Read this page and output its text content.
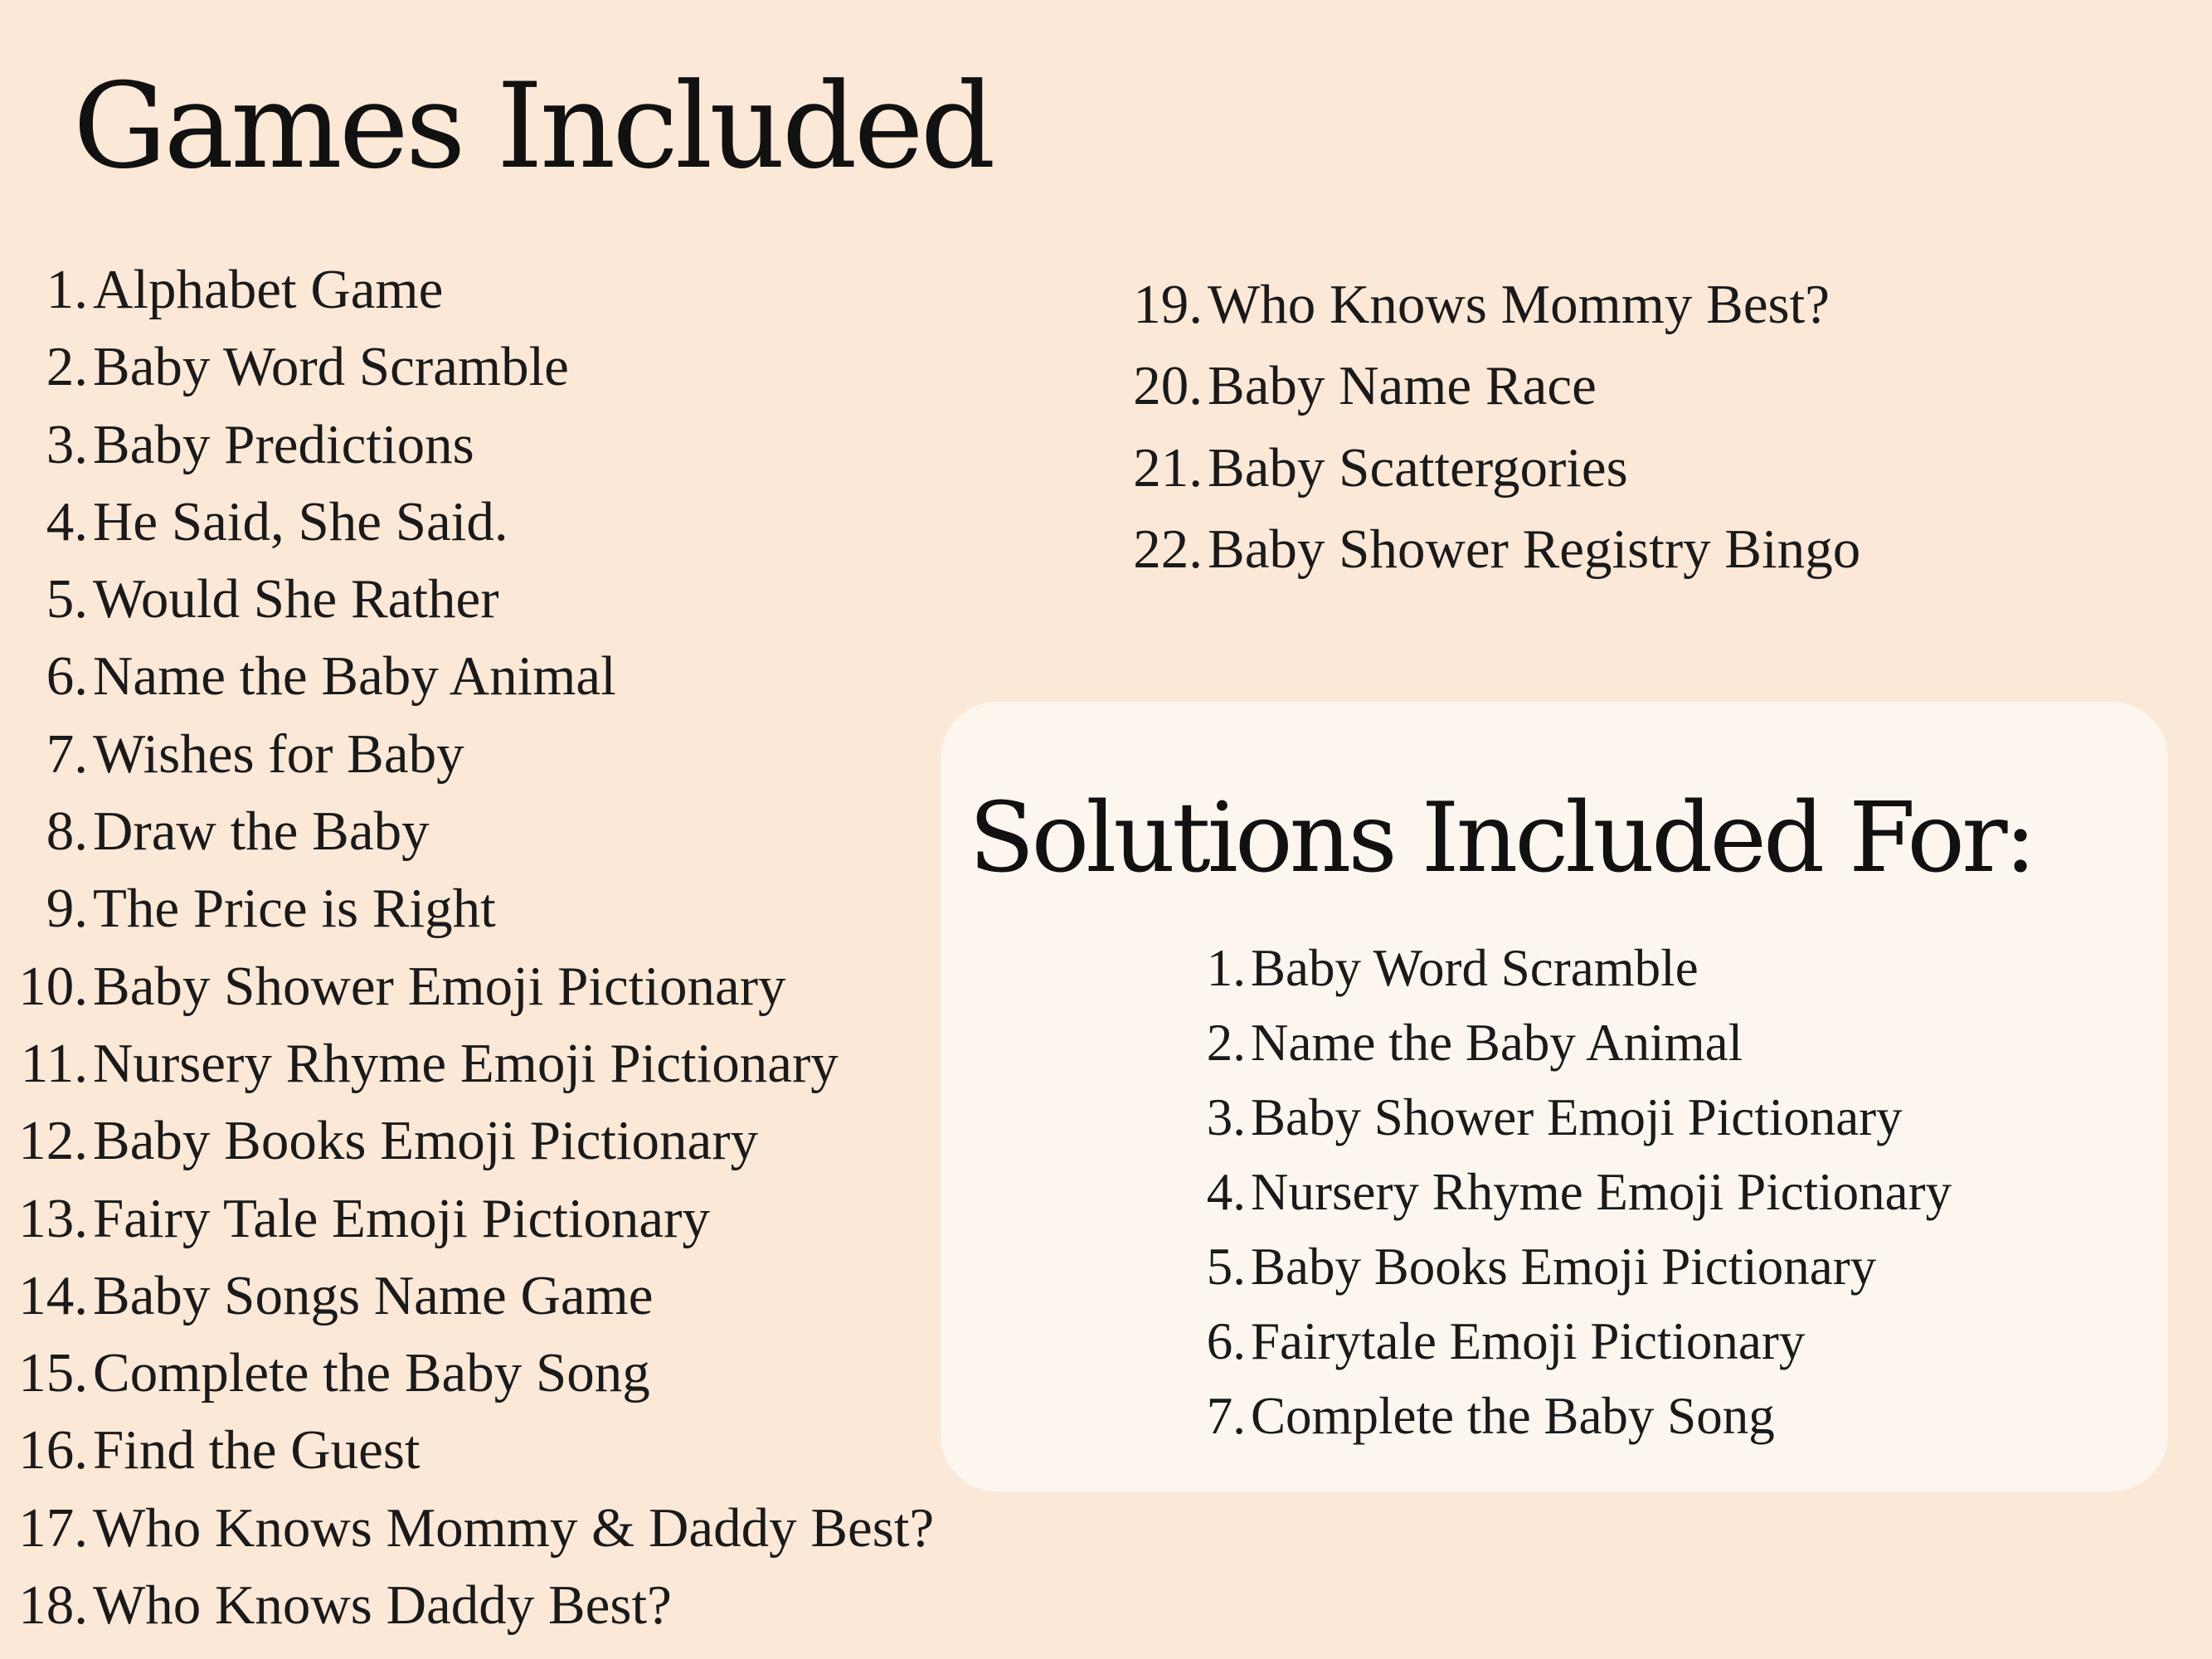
Games Included
1. Alphabet Game
2. Baby Word Scramble
3. Baby Predictions
4. He Said, She Said.
5. Would She Rather
6. Name the Baby Animal
7. Wishes for Baby
8. Draw the Baby
9. The Price is Right
10. Baby Shower Emoji Pictionary
11. Nursery Rhyme Emoji Pictionary
12. Baby Books Emoji Pictionary
13. Fairy Tale Emoji Pictionary
14. Baby Songs Name Game
15. Complete the Baby Song
16. Find the Guest
17. Who Knows Mommy & Daddy Best?
18. Who Knows Daddy Best?
19. Who Knows Mommy Best?
20. Baby Name Race
21. Baby Scattergories
22. Baby Shower Registry Bingo
Solutions Included For:
1. Baby Word Scramble
2. Name the Baby Animal
3. Baby Shower Emoji Pictionary
4. Nursery Rhyme Emoji Pictionary
5. Baby Books Emoji Pictionary
6. Fairytale Emoji Pictionary
7. Complete the Baby Song
